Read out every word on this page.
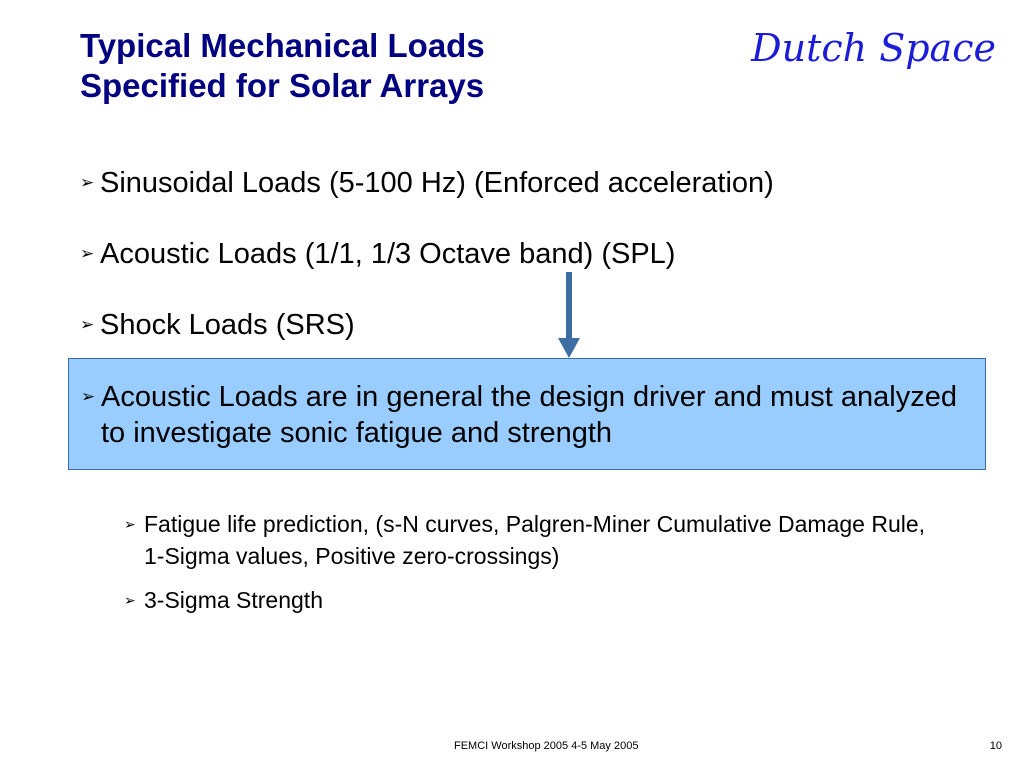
Typical Mechanical Loads
Specified for Solar Arrays
Dutch Space
➢ Sinusoidal Loads (5-100 Hz) (Enforced acceleration)
➢ Acoustic Loads (1/1, 1/3 Octave band) (SPL)
➢ Shock Loads (SRS)
➢ Acoustic Loads are in general the design driver and must analyzed to investigate sonic fatigue and strength
➢ Fatigue life prediction, (s-N curves, Palgren-Miner Cumulative Damage Rule, 1-Sigma values, Positive zero-crossings)
➢ 3-Sigma Strength
FEMCI Workshop 2005 4-5 May 2005	10
